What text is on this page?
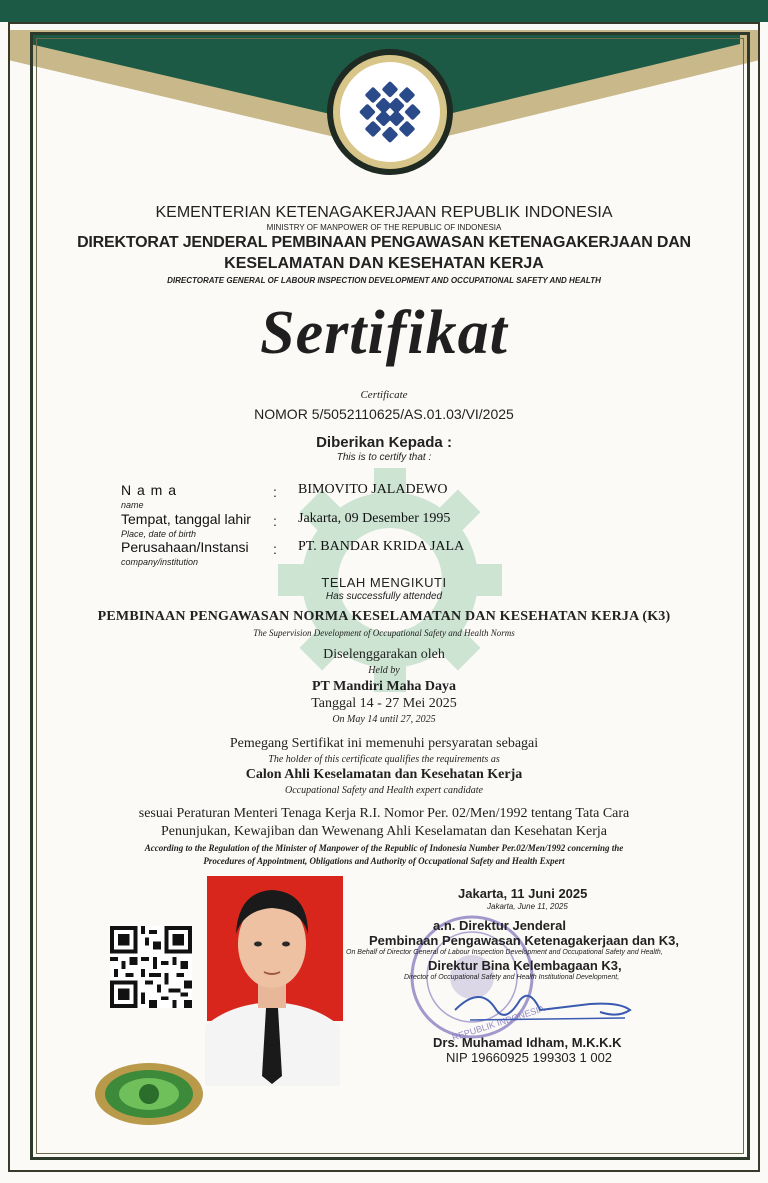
KEMENTERIAN KETENAGAKERJAAN REPUBLIK INDONESIA
MINISTRY OF MANPOWER OF THE REPUBLIC OF INDONESIA
DIREKTORAT JENDERAL PEMBINAAN PENGAWASAN KETENAGAKERJAAN DAN
KESELAMATAN DAN KESEHATAN KERJA
DIRECTORATE GENERAL OF LABOUR INSPECTION DEVELOPMENT AND OCCUPATIONAL SAFETY AND HEALTH
Sertifikat
Certificate
NOMOR 5/5052110625/AS.01.03/VI/2025
Diberikan Kepada :
This is to certify that :
N a m a
name
: BIMOVITO JALADEWO
Tempat, tanggal lahir
Place, date of birth
: Jakarta, 09 Desember 1995
Perusahaan/Instansi
company/institution
: PT. BANDAR KRIDA JALA
TELAH MENGIKUTI
Has successfully attended
PEMBINAAN PENGAWASAN NORMA KESELAMATAN DAN KESEHATAN KERJA (K3)
The Supervision Development of Occupational Safety and Health Norms
Diselenggarakan oleh
Held by
PT Mandiri Maha Daya
Tanggal 14 - 27 Mei 2025
On May 14 until 27, 2025
Pemegang Sertifikat ini memenuhi persyaratan sebagai
The holder of this certificate qualifies the requirements as
Calon Ahli Keselamatan dan Kesehatan Kerja
Occupational Safety and Health expert candidate
sesuai Peraturan Menteri Tenaga Kerja R.I. Nomor Per. 02/Men/1992 tentang Tata Cara
Penunjukan, Kewajiban dan Wewenang Ahli Keselamatan dan Kesehatan Kerja
According to the Regulation of the Minister of Manpower of the Republic of Indonesia Number Per.02/Men/1992 concerning the
Procedures of Appointment, Obligations and Authority of Occupational Safety and Health Expert
REPUBLIK INDONESIA
Jakarta, 11 Juni 2025
Jakarta, June 11, 2025
a.n. Direktur Jenderal
Pembinaan Pengawasan Ketenagakerjaan dan K3,
On Behalf of Director General of Labour Inspection Development and Occupational Safety and Health,
Direktur Bina Kelembagaan K3,
Director of Occupational Safety and Health Institutional Development,
Drs. Muhamad Idham, M.K.K.K
NIP 19660925 199303 1 002
